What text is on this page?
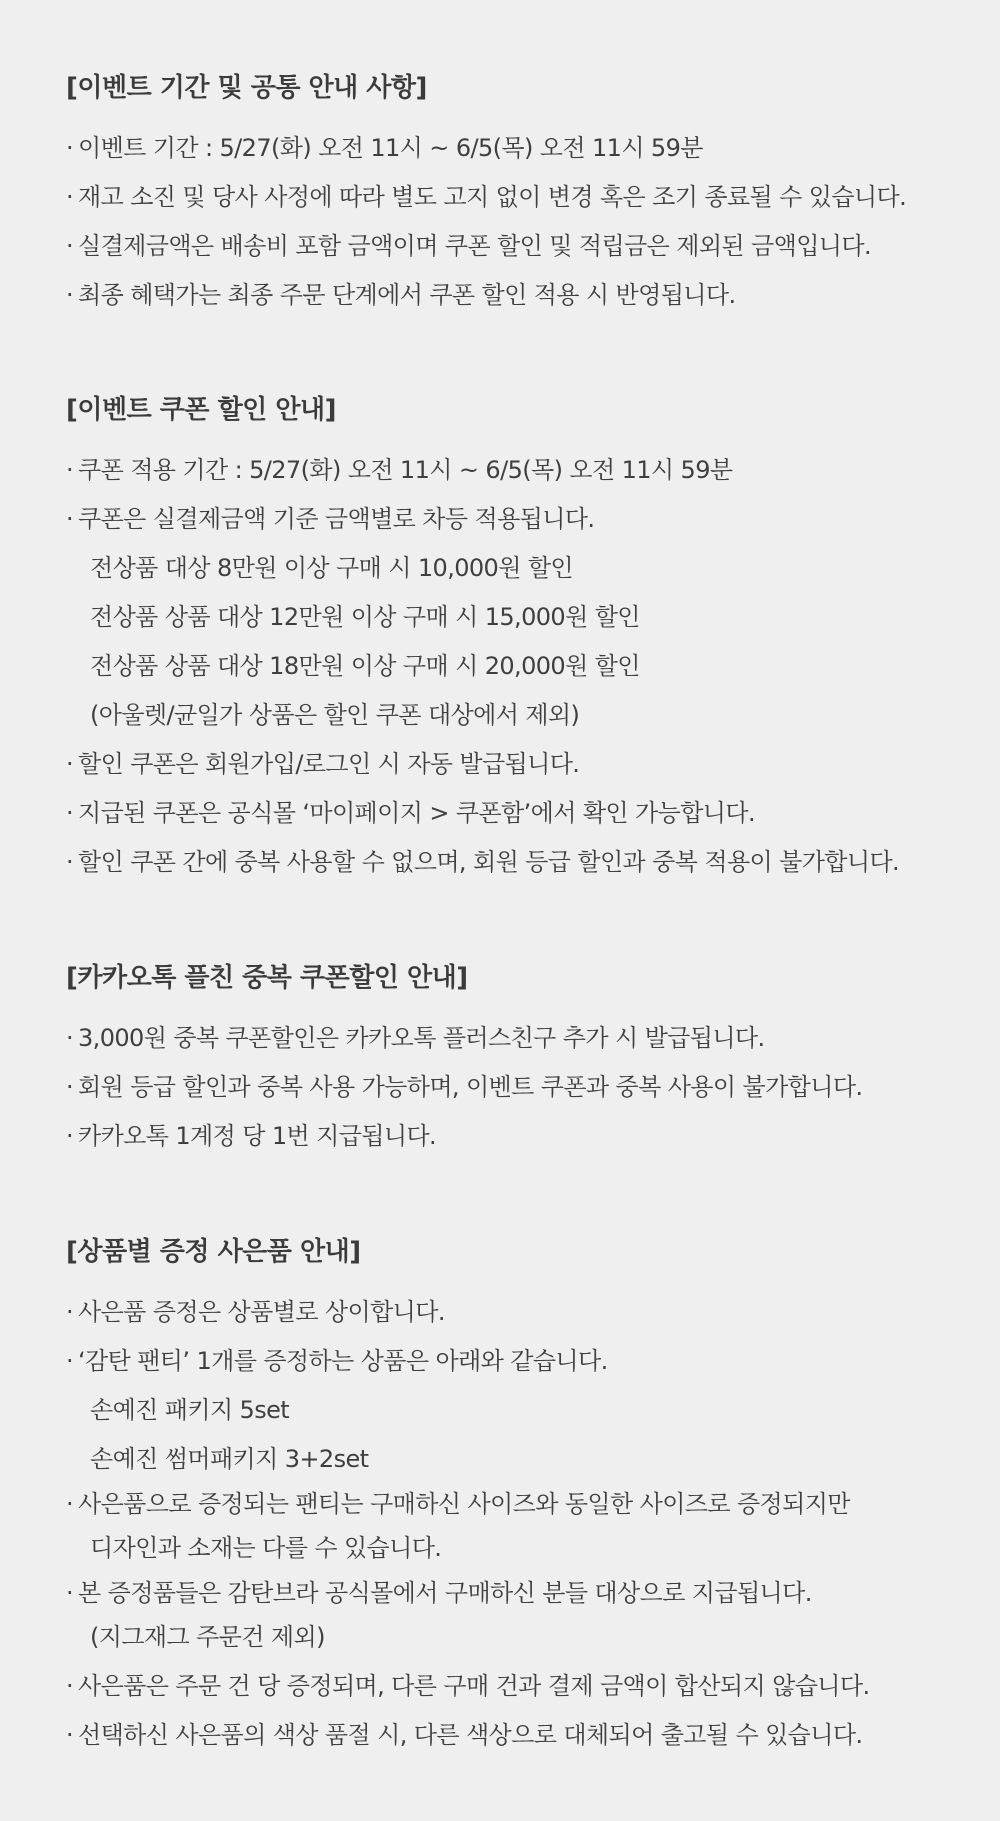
[이벤트 기간 및 공통 안내 사항]
· 이벤트 기간 : 5/27(화) 오전 11시 ~ 6/5(목) 오전 11시 59분
· 재고 소진 및 당사 사정에 따라 별도 고지 없이 변경 혹은 조기 종료될 수 있습니다.
· 실결제금액은 배송비 포함 금액이며 쿠폰 할인 및 적립금은 제외된 금액입니다.
· 최종 혜택가는 최종 주문 단계에서 쿠폰 할인 적용 시 반영됩니다.
[이벤트 쿠폰 할인 안내]
· 쿠폰 적용 기간 : 5/27(화) 오전 11시 ~ 6/5(목) 오전 11시 59분
· 쿠폰은 실결제금액 기준 금액별로 차등 적용됩니다.
전상품 대상 8만원 이상 구매 시 10,000원 할인
전상품 상품 대상 12만원 이상 구매 시 15,000원 할인
전상품 상품 대상 18만원 이상 구매 시 20,000원 할인
(아울렛/균일가 상품은 할인 쿠폰 대상에서 제외)
· 할인 쿠폰은 회원가입/로그인 시 자동 발급됩니다.
· 지급된 쿠폰은 공식몰 ‘마이페이지 > 쿠폰함’에서 확인 가능합니다.
· 할인 쿠폰 간에 중복 사용할 수 없으며, 회원 등급 할인과 중복 적용이 불가합니다.
[카카오톡 플친 중복 쿠폰할인 안내]
· 3,000원 중복 쿠폰할인은 카카오톡 플러스친구 추가 시 발급됩니다.
· 회원 등급 할인과 중복 사용 가능하며, 이벤트 쿠폰과 중복 사용이 불가합니다.
· 카카오톡 1계정 당 1번 지급됩니다.
[상품별 증정 사은품 안내]
· 사은품 증정은 상품별로 상이합니다.
· ‘감탄 팬티’ 1개를 증정하는 상품은 아래와 같습니다.
손예진 패키지 5set
손예진 썸머패키지 3+2set
· 사은품으로 증정되는 팬티는 구매하신 사이즈와 동일한 사이즈로 증정되지만
디자인과 소재는 다를 수 있습니다.
· 본 증정품들은 감탄브라 공식몰에서 구매하신 분들 대상으로 지급됩니다.
(지그재그 주문건 제외)
· 사은품은 주문 건 당 증정되며, 다른 구매 건과 결제 금액이 합산되지 않습니다.
· 선택하신 사은품의 색상 품절 시, 다른 색상으로 대체되어 출고될 수 있습니다.
